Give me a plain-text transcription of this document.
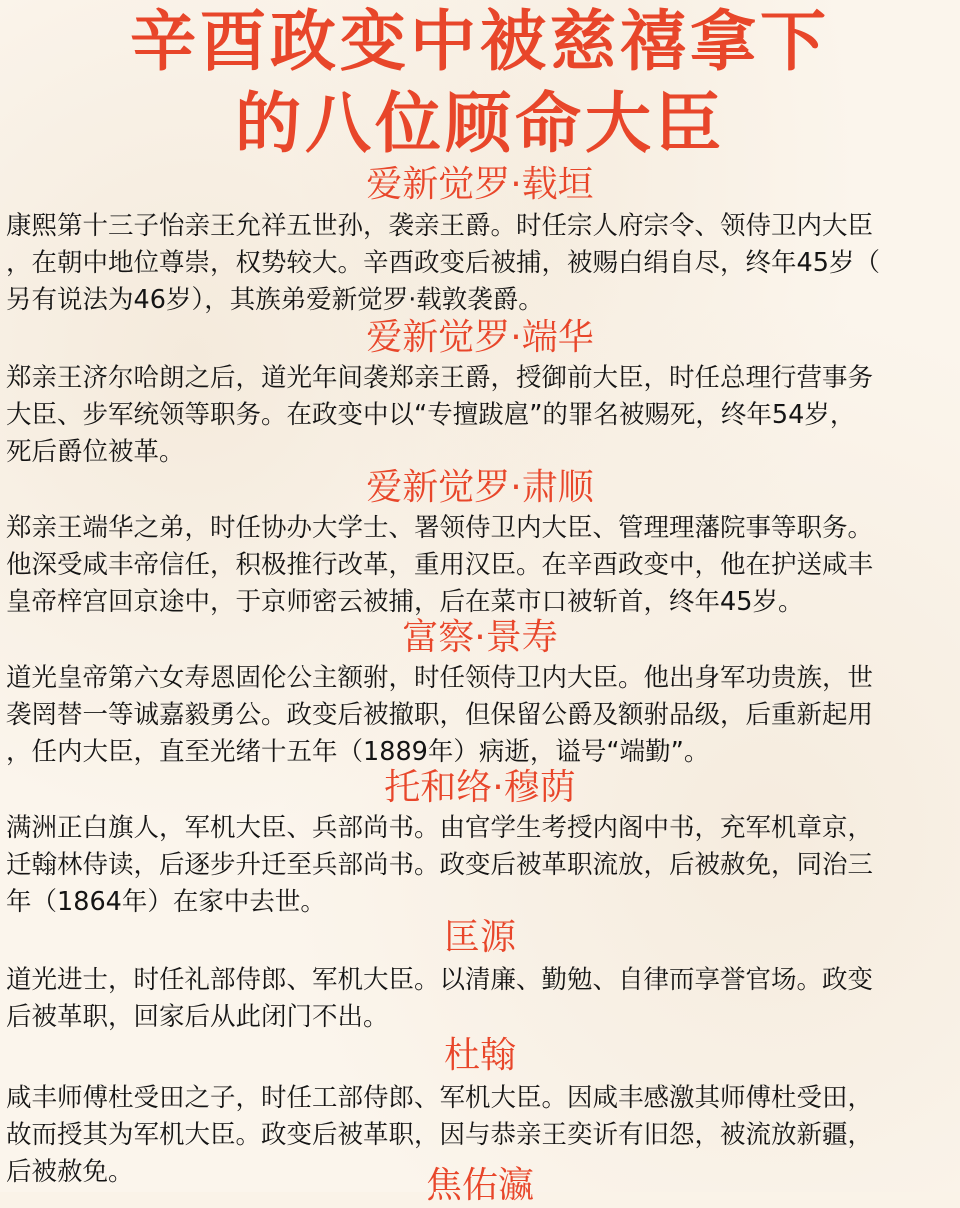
辛酉政变中被慈禧拿下
的八位顾命大臣
爱新觉罗·载垣
康熙第十三子怡亲王允祥五世孙，袭亲王爵。时任宗人府宗令、领侍卫内大臣
，在朝中地位尊崇，权势较大。辛酉政变后被捕，被赐白绢自尽，终年45岁（
另有说法为46岁），其族弟爱新觉罗·载敦袭爵。
爱新觉罗·端华
郑亲王济尔哈朗之后，道光年间袭郑亲王爵，授御前大臣，时任总理行营事务
大臣、步军统领等职务。在政变中以“专擅跋扈”的罪名被赐死，终年54岁，
死后爵位被革。
爱新觉罗·肃顺
郑亲王端华之弟，时任协办大学士、署领侍卫内大臣、管理理藩院事等职务。
他深受咸丰帝信任，积极推行改革，重用汉臣。在辛酉政变中，他在护送咸丰
皇帝梓宫回京途中，于京师密云被捕，后在菜市口被斩首，终年45岁。
富察·景寿
道光皇帝第六女寿恩固伦公主额驸，时任领侍卫内大臣。他出身军功贵族，世
袭罔替一等诚嘉毅勇公。政变后被撤职，但保留公爵及额驸品级，后重新起用
，任内大臣，直至光绪十五年（1889年）病逝，谥号“端勤”。
托和络·穆荫
满洲正白旗人，军机大臣、兵部尚书。由官学生考授内阁中书，充军机章京，
迁翰林侍读，后逐步升迁至兵部尚书。政变后被革职流放，后被赦免，同治三
年（1864年）在家中去世。
匡源
道光进士，时任礼部侍郎、军机大臣。以清廉、勤勉、自律而享誉官场。政变
后被革职，回家后从此闭门不出。
杜翰
咸丰师傅杜受田之子，时任工部侍郎、军机大臣。因咸丰感激其师傅杜受田，
故而授其为军机大臣。政变后被革职，因与恭亲王奕䜣有旧怨，被流放新疆，
后被赦免。	焦佑瀛
